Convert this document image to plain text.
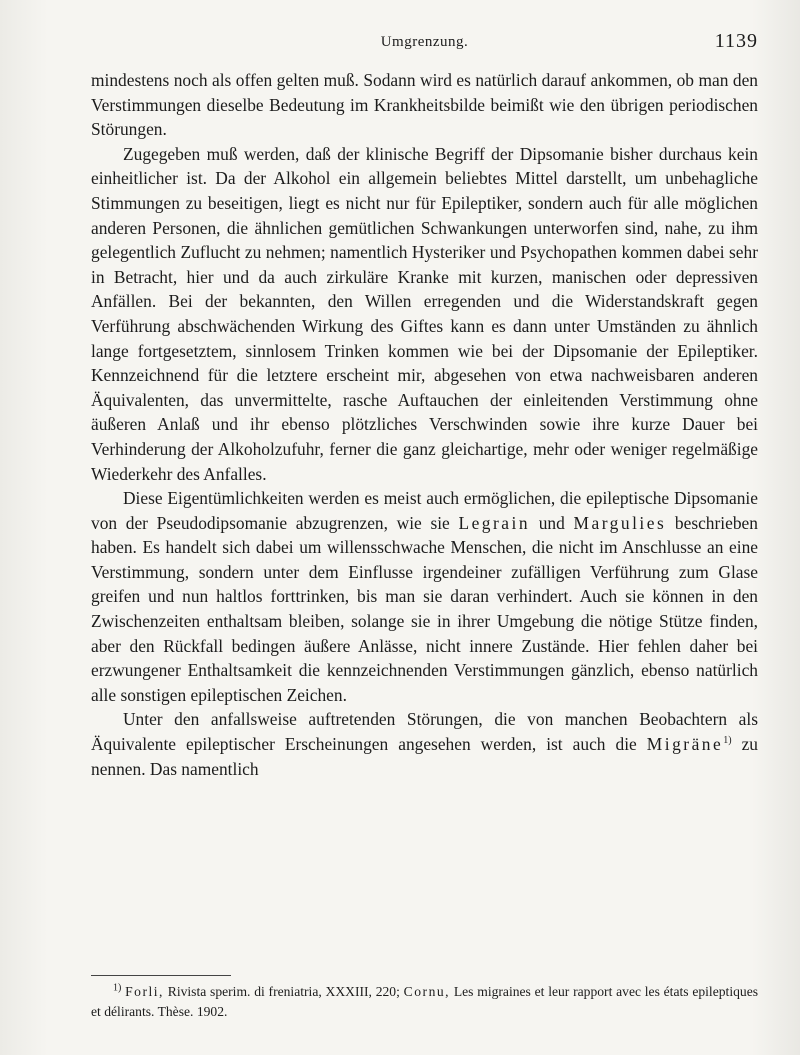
Umgrenzung.	1139

mindestens noch als offen gelten muß. Sodann wird es natürlich darauf ankommen, ob man den Verstimmungen dieselbe Bedeutung im Krankheitsbilde beimißt wie den übrigen periodischen Störungen.

Zugegeben muß werden, daß der klinische Begriff der Dipsomanie bisher durchaus kein einheitlicher ist. Da der Alkohol ein allgemein beliebtes Mittel darstellt, um unbehagliche Stimmungen zu beseitigen, liegt es nicht nur für Epileptiker, sondern auch für alle möglichen anderen Personen, die ähnlichen gemütlichen Schwankungen unterworfen sind, nahe, zu ihm gelegentlich Zuflucht zu nehmen; namentlich Hysteriker und Psychopathen kommen dabei sehr in Betracht, hier und da auch zirkuläre Kranke mit kurzen, manischen oder depressiven Anfällen. Bei der bekannten, den Willen erregenden und die Widerstandskraft gegen Verführung abschwächenden Wirkung des Giftes kann es dann unter Umständen zu ähnlich lange fortgesetztem, sinnlosem Trinken kommen wie bei der Dipsomanie der Epileptiker. Kennzeichnend für die letztere erscheint mir, abgesehen von etwa nachweisbaren anderen Äquivalenten, das unvermittelte, rasche Auftauchen der einleitenden Verstimmung ohne äußeren Anlaß und ihr ebenso plötzliches Verschwinden sowie ihre kurze Dauer bei Verhinderung der Alkoholzufuhr, ferner die ganz gleichartige, mehr oder weniger regelmäßige Wiederkehr des Anfalles.

Diese Eigentümlichkeiten werden es meist auch ermöglichen, die epileptische Dipsomanie von der Pseudodipsomanie abzugrenzen, wie sie Legrain und Margulies beschrieben haben. Es handelt sich dabei um willensschwache Menschen, die nicht im Anschlusse an eine Verstimmung, sondern unter dem Einflusse irgendeiner zufälligen Verführung zum Glase greifen und nun haltlos forttrinken, bis man sie daran verhindert. Auch sie können in den Zwischenzeiten enthaltsam bleiben, solange sie in ihrer Umgebung die nötige Stütze finden, aber den Rückfall bedingen äußere Anlässe, nicht innere Zustände. Hier fehlen daher bei erzwungener Enthaltsamkeit die kennzeichnenden Verstimmungen gänzlich, ebenso natürlich alle sonstigen epileptischen Zeichen.

Unter den anfallsweise auftretenden Störungen, die von manchen Beobachtern als Äquivalente epileptischer Erscheinungen angesehen werden, ist auch die Migräne$^{1)}$ zu nennen. Das namentlich

$^{1)}$ Forli, Rivista sperim. di freniatria, XXXIII, 220; Cornu, Les migraines et leur rapport avec les états epileptiques et délirants. Thèse. 1902.
